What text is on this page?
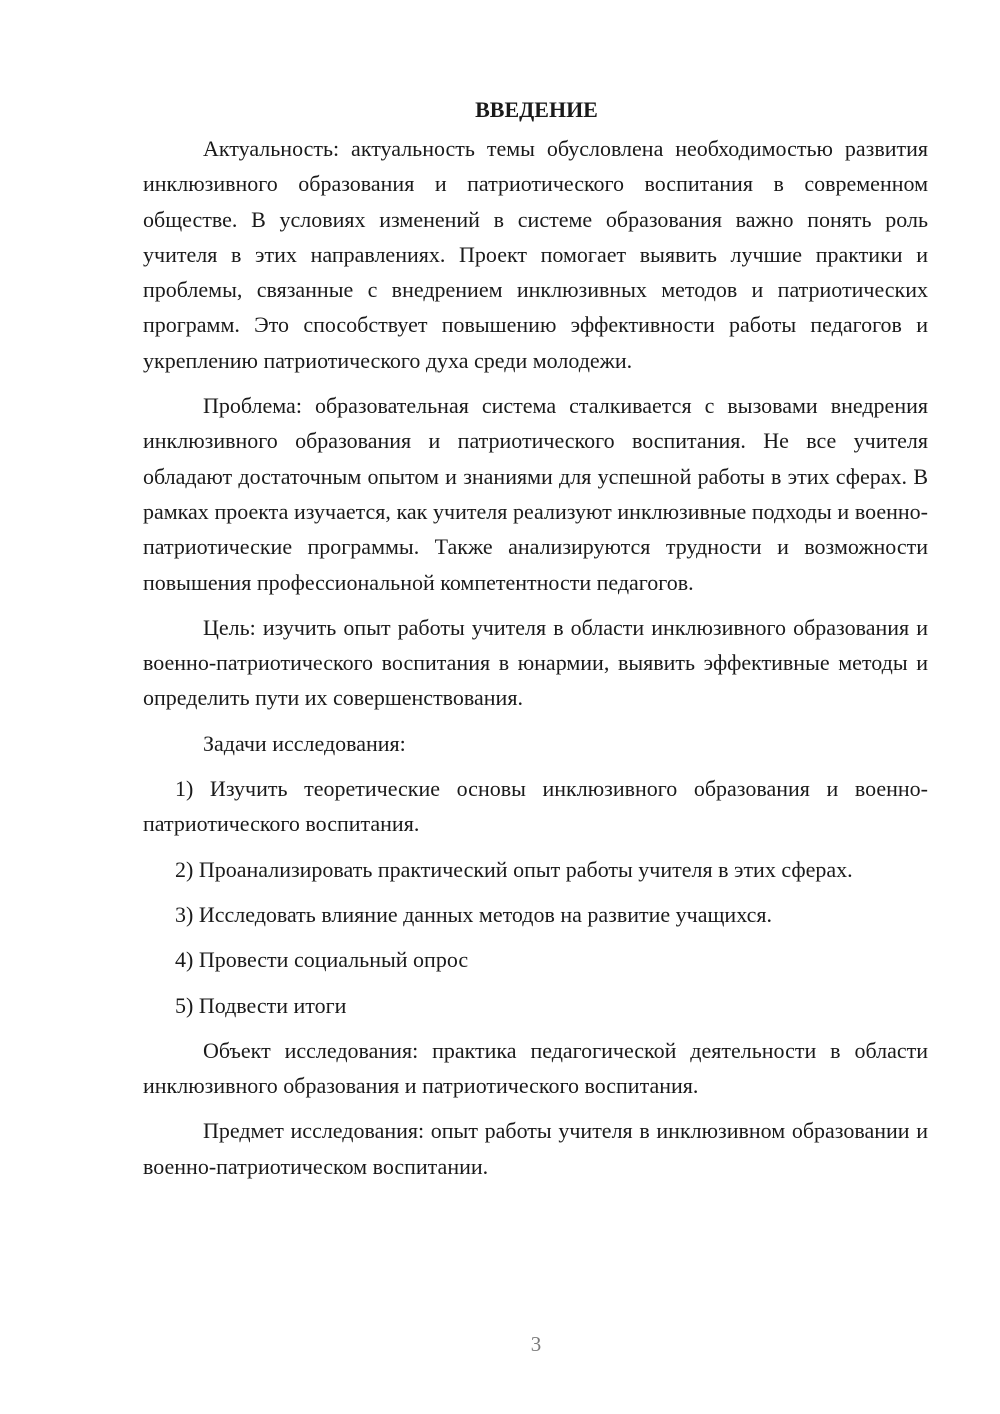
ВВЕДЕНИЕ

Актуальность: актуальность темы обусловлена необходимостью развития инклюзивного образования и патриотического воспитания в современном обществе. В условиях изменений в системе образования важно понять роль учителя в этих направлениях. Проект помогает выявить лучшие практики и проблемы, связанные с внедрением инклюзивных методов и патриотических программ. Это способствует повышению эффективности работы педагогов и укреплению патриотического духа среди молодежи.

Проблема: образовательная система сталкивается с вызовами внедрения инклюзивного образования и патриотического воспитания. Не все учителя обладают достаточным опытом и знаниями для успешной работы в этих сферах. В рамках проекта изучается, как учителя реализуют инклюзивные подходы и военно-патриотические программы. Также анализируются трудности и возможности повышения профессиональной компетентности педагогов.

Цель: изучить опыт работы учителя в области инклюзивного образования и военно-патриотического воспитания в юнармии, выявить эффективные методы и определить пути их совершенствования.

Задачи исследования:

1) Изучить теоретические основы инклюзивного образования и военно-патриотического воспитания.

2) Проанализировать практический опыт работы учителя в этих сферах.

3) Исследовать влияние данных методов на развитие учащихся.

4) Провести социальный опрос

5) Подвести итоги

Объект исследования: практика педагогической деятельности в области инклюзивного образования и патриотического воспитания.

Предмет исследования: опыт работы учителя в инклюзивном образовании и военно-патриотическом воспитании.

3
